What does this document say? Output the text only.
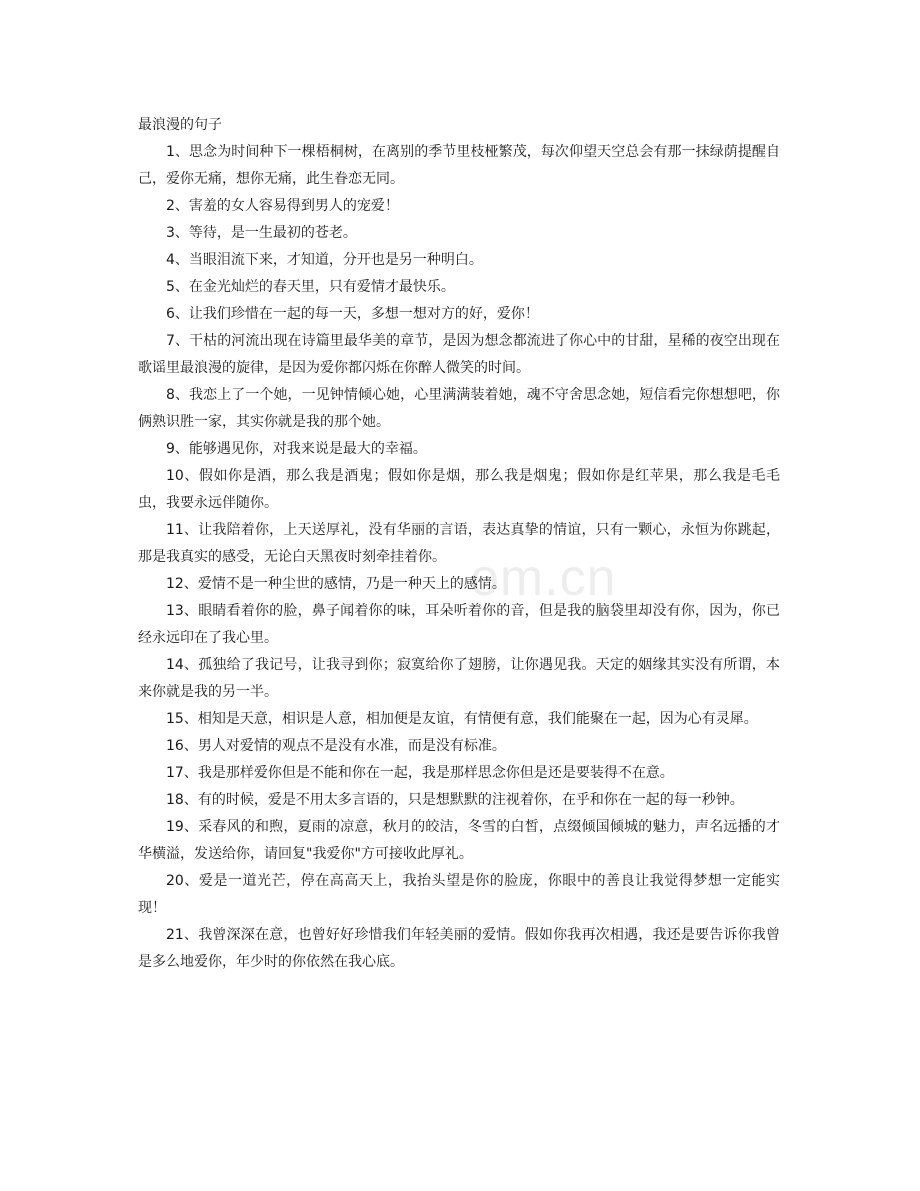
om.cn
最浪漫的句子

1、思念为时间种下一棵梧桐树，在离别的季节里枝桠繁茂，每次仰望天空总会有那一抹绿荫提醒自己，爱你无痛，想你无痛，此生眷恋无同。

2、害羞的女人容易得到男人的宠爱！

3、等待，是一生最初的苍老。

4、当眼泪流下来，才知道，分开也是另一种明白。

5、在金光灿烂的春天里，只有爱情才最快乐。

6、让我们珍惜在一起的每一天，多想一想对方的好，爱你！

7、干枯的河流出现在诗篇里最华美的章节，是因为想念都流进了你心中的甘甜，星稀的夜空出现在歌谣里最浪漫的旋律，是因为爱你都闪烁在你醉人微笑的时间。

8、我恋上了一个她，一见钟情倾心她，心里满满装着她，魂不守舍思念她，短信看完你想想吧，你俩熟识胜一家，其实你就是我的那个她。

9、能够遇见你，对我来说是最大的幸福。

10、假如你是酒，那么我是酒鬼；假如你是烟，那么我是烟鬼；假如你是红苹果，那么我是毛毛虫，我要永远伴随你。

11、让我陪着你，上天送厚礼，没有华丽的言语，表达真挚的情谊，只有一颗心，永恒为你跳起，那是我真实的感受，无论白天黑夜时刻牵挂着你。

12、爱情不是一种尘世的感情，乃是一种天上的感情。

13、眼睛看着你的脸，鼻子闻着你的味，耳朵听着你的音，但是我的脑袋里却没有你，因为，你已经永远印在了我心里。

14、孤独给了我记号，让我寻到你；寂寞给你了翅膀，让你遇见我。天定的姻缘其实没有所谓，本来你就是我的另一半。

15、相知是天意，相识是人意，相加便是友谊，有情便有意，我们能聚在一起，因为心有灵犀。

16、男人对爱情的观点不是没有水准，而是没有标准。

17、我是那样爱你但是不能和你在一起，我是那样思念你但是还是要装得不在意。

18、有的时候，爱是不用太多言语的，只是想默默的注视着你，在乎和你在一起的每一秒钟。

19、采春风的和煦，夏雨的凉意，秋月的皎洁，冬雪的白皙，点缀倾国倾城的魅力，声名远播的才华横溢，发送给你，请回复"我爱你"方可接收此厚礼。

20、爱是一道光芒，停在高高天上，我抬头望是你的脸庞，你眼中的善良让我觉得梦想一定能实现！

21、我曾深深在意，也曾好好珍惜我们年轻美丽的爱情。假如你我再次相遇，我还是要告诉你我曾是多么地爱你，年少时的你依然在我心底。
